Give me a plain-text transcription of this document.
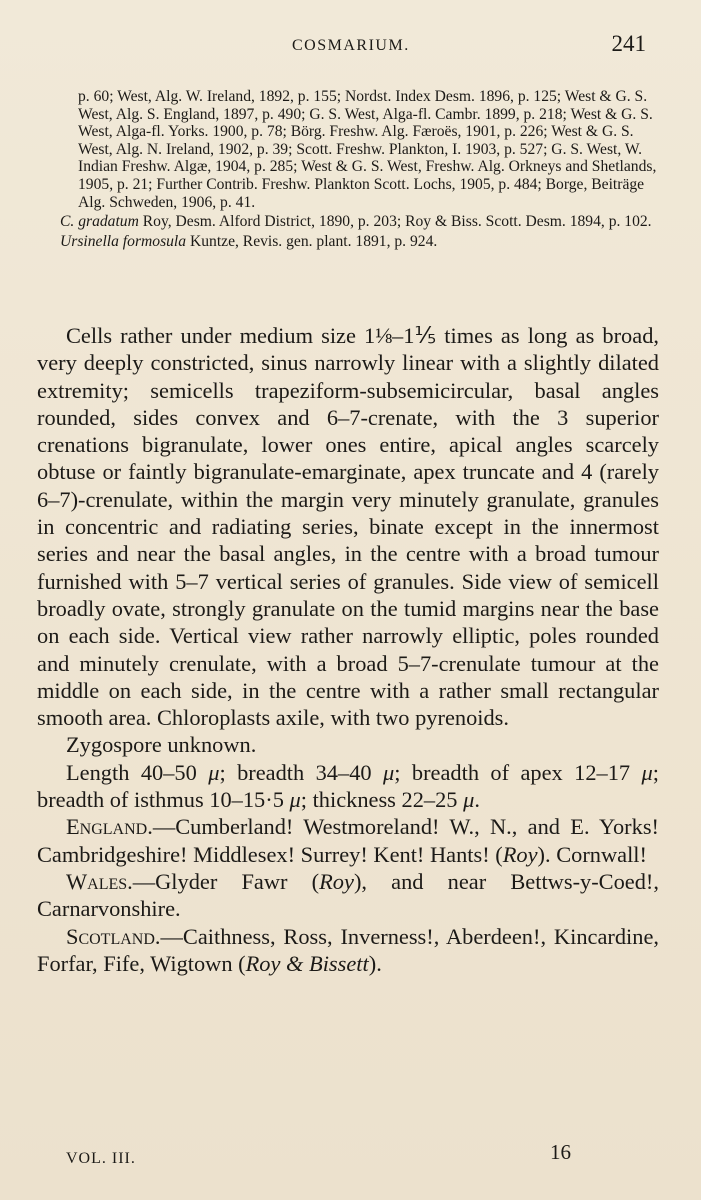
COSMARIUM.	241

p. 60; West, Alg. W. Ireland, 1892, p. 155; Nordst. Index Desm. 1896, p. 125; West & G. S. West, Alg. S. England, 1897, p. 490; G. S. West, Alga-fl. Cambr. 1899, p. 218; West & G. S. West, Alga-fl. Yorks. 1900, p. 78; Börg. Freshw. Alg. Færoës, 1901, p. 226; West & G. S. West, Alg. N. Ireland, 1902, p. 39; Scott. Freshw. Plankton, I. 1903, p. 527; G. S. West, W. Indian Freshw. Algæ, 1904, p. 285; West & G. S. West, Freshw. Alg. Orkneys and Shetlands, 1905, p. 21; Further Contrib. Freshw. Plankton Scott. Lochs, 1905, p. 484; Borge, Beiträge Alg. Schweden, 1906, p. 41.

C. gradatum Roy, Desm. Alford District, 1890, p. 203; Roy & Biss. Scott. Desm. 1894, p. 102.

Ursinella formosula Kuntze, Revis. gen. plant. 1891, p. 924.

Cells rather under medium size 1⅛–1⅕ times as long as broad, very deeply constricted, sinus narrowly linear with a slightly dilated extremity; semicells trapeziform-subsemicircular, basal angles rounded, sides convex and 6–7-crenate, with the 3 superior crenations bigranulate, lower ones entire, apical angles scarcely obtuse or faintly bigranulate-emarginate, apex truncate and 4 (rarely 6–7)-crenulate, within the margin very minutely granulate, granules in concentric and radiating series, binate except in the innermost series and near the basal angles, in the centre with a broad tumour furnished with 5–7 vertical series of granules. Side view of semicell broadly ovate, strongly granulate on the tumid margins near the base on each side. Vertical view rather narrowly elliptic, poles rounded and minutely crenulate, with a broad 5–7-crenulate tumour at the middle on each side, in the centre with a rather small rectangular smooth area. Chloroplasts axile, with two pyrenoids.

Zygospore unknown.

Length 40–50 μ; breadth 34–40 μ; breadth of apex 12–17 μ; breadth of isthmus 10–15·5 μ; thickness 22–25 μ.

England.—Cumberland! Westmoreland! W., N., and E. Yorks! Cambridgeshire! Middlesex! Surrey! Kent! Hants! (Roy). Cornwall!

Wales.—Glyder Fawr (Roy), and near Bettws-y-Coed!, Carnarvonshire.

Scotland.—Caithness, Ross, Inverness!, Aberdeen!, Kincardine, Forfar, Fife, Wigtown (Roy & Bissett).

VOL. III.	16
